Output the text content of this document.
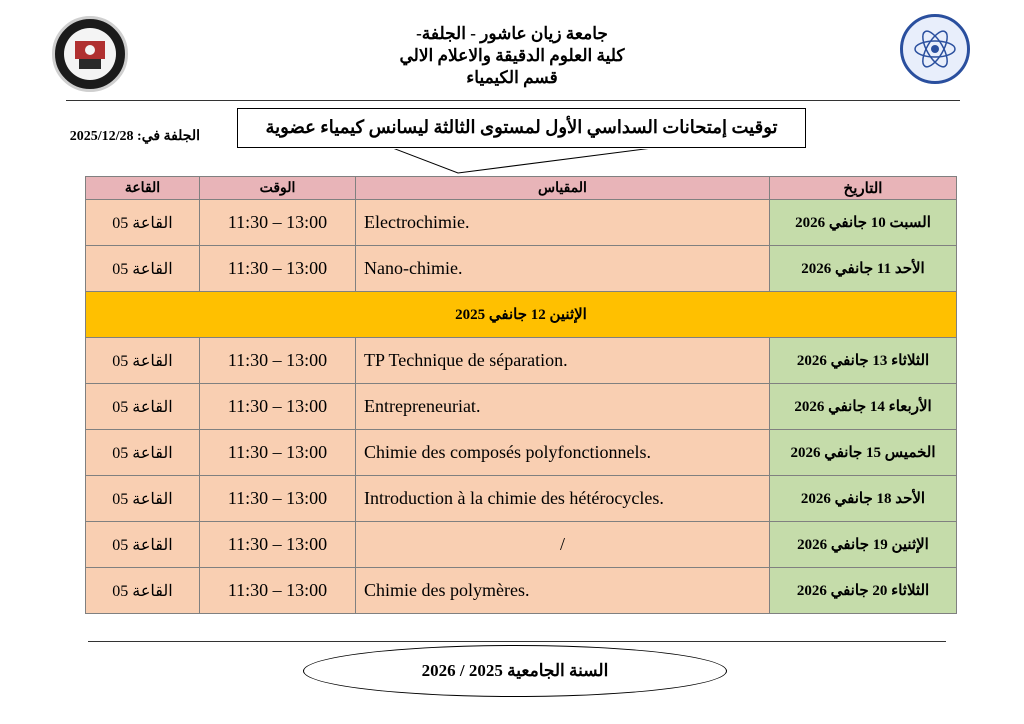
جامعة زيان عاشور - الجلفة-
كلية العلوم الدقيقة والاعلام الالي
قسم الكيمياء
توقيت إمتحانات السداسي الأول لمستوى الثالثة ليسانس كيمياء عضوية
الجلفة في: 2025/12/28
التاريخ	المقياس	الوقت	القاعة
السبت 10 جانفي 2026	Electrochimie.	11:30 – 13:00	القاعة 05
الأحد 11 جانفي 2026	Nano-chimie.	11:30 – 13:00	القاعة 05
الإثنين 12 جانفي 2025			
الثلاثاء 13 جانفي 2026	TP Technique de séparation.	11:30 – 13:00	القاعة 05
الأربعاء 14 جانفي 2026	Entrepreneuriat.	11:30 – 13:00	القاعة 05
الخميس 15 جانفي 2026	Chimie des composés polyfonctionnels.	11:30 – 13:00	القاعة 05
الأحد 18 جانفي 2026	Introduction à la chimie des hétérocycles.	11:30 – 13:00	القاعة 05
الإثنين 19 جانفي 2026	/	11:30 – 13:00	القاعة 05
الثلاثاء 20 جانفي 2026	Chimie des polymères.	11:30 – 13:00	القاعة 05
السنة الجامعية 2025 / 2026
